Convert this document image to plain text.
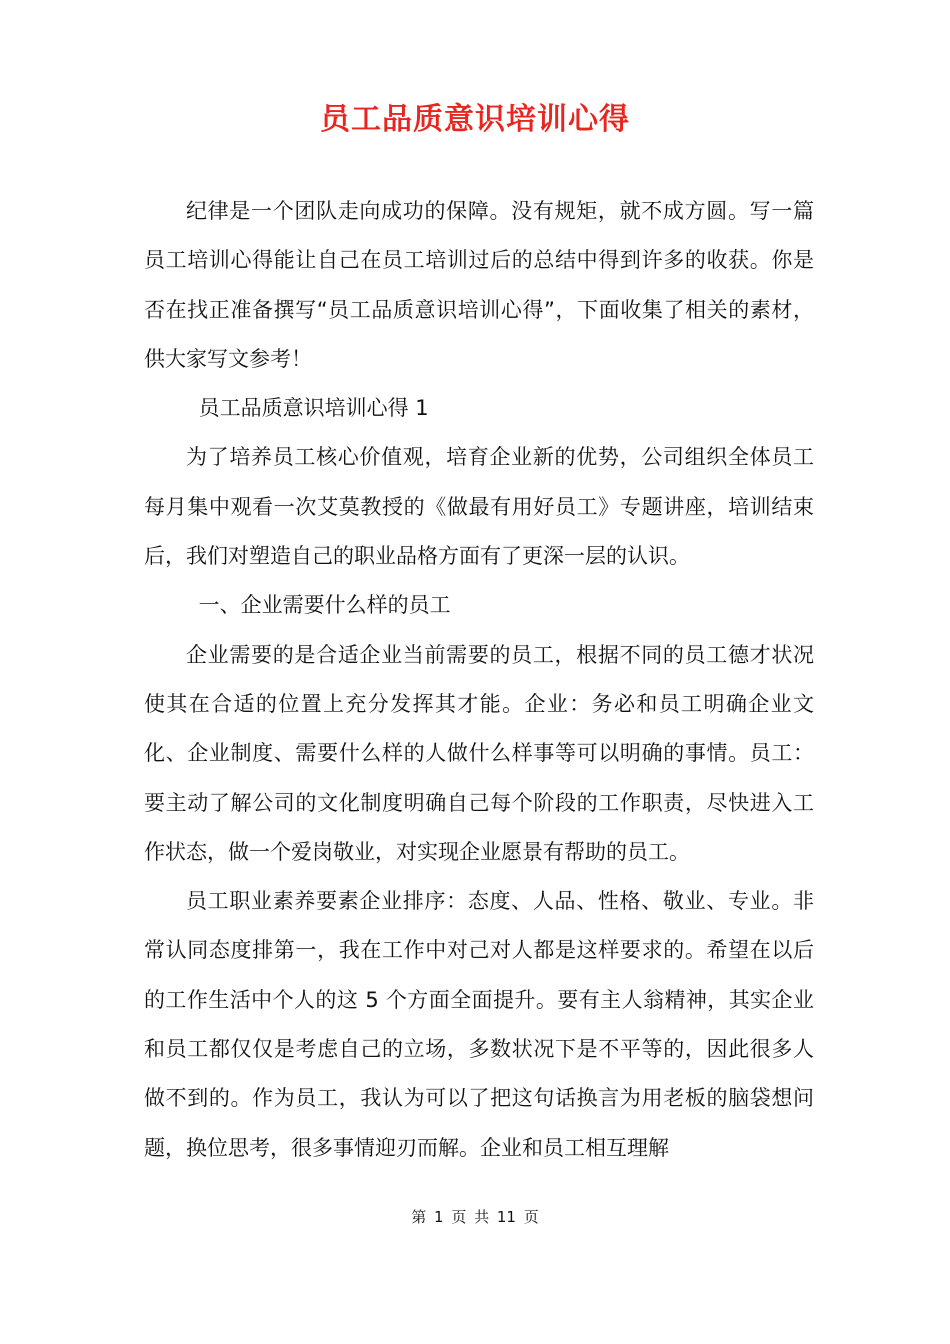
员工品质意识培训心得

纪律是一个团队走向成功的保障。没有规矩，就不成方圆。写一篇员工培训心得能让自己在员工培训过后的总结中得到许多的收获。你是否在找正准备撰写“员工品质意识培训心得”，下面收集了相关的素材，供大家写文参考！

员工品质意识培训心得 1

为了培养员工核心价值观，培育企业新的优势，公司组织全体员工每月集中观看一次艾莫教授的《做最有用好员工》专题讲座，培训结束后，我们对塑造自己的职业品格方面有了更深一层的认识。

一、企业需要什么样的员工

企业需要的是合适企业当前需要的员工，根据不同的员工德才状况使其在合适的位置上充分发挥其才能。企业：务必和员工明确企业文化、企业制度、需要什么样的人做什么样事等可以明确的事情。员工：要主动了解公司的文化制度明确自己每个阶段的工作职责，尽快进入工作状态，做一个爱岗敬业，对实现企业愿景有帮助的员工。

员工职业素养要素企业排序：态度、人品、性格、敬业、专业。非常认同态度排第一，我在工作中对己对人都是这样要求的。希望在以后的工作生活中个人的这 5 个方面全面提升。要有主人翁精神，其实企业和员工都仅仅是考虑自己的立场，多数状况下是不平等的，因此很多人做不到的。作为员工，我认为可以了把这句话换言为用老板的脑袋想问题，换位思考，很多事情迎刃而解。企业和员工相互理解

第 1 页 共 11 页
